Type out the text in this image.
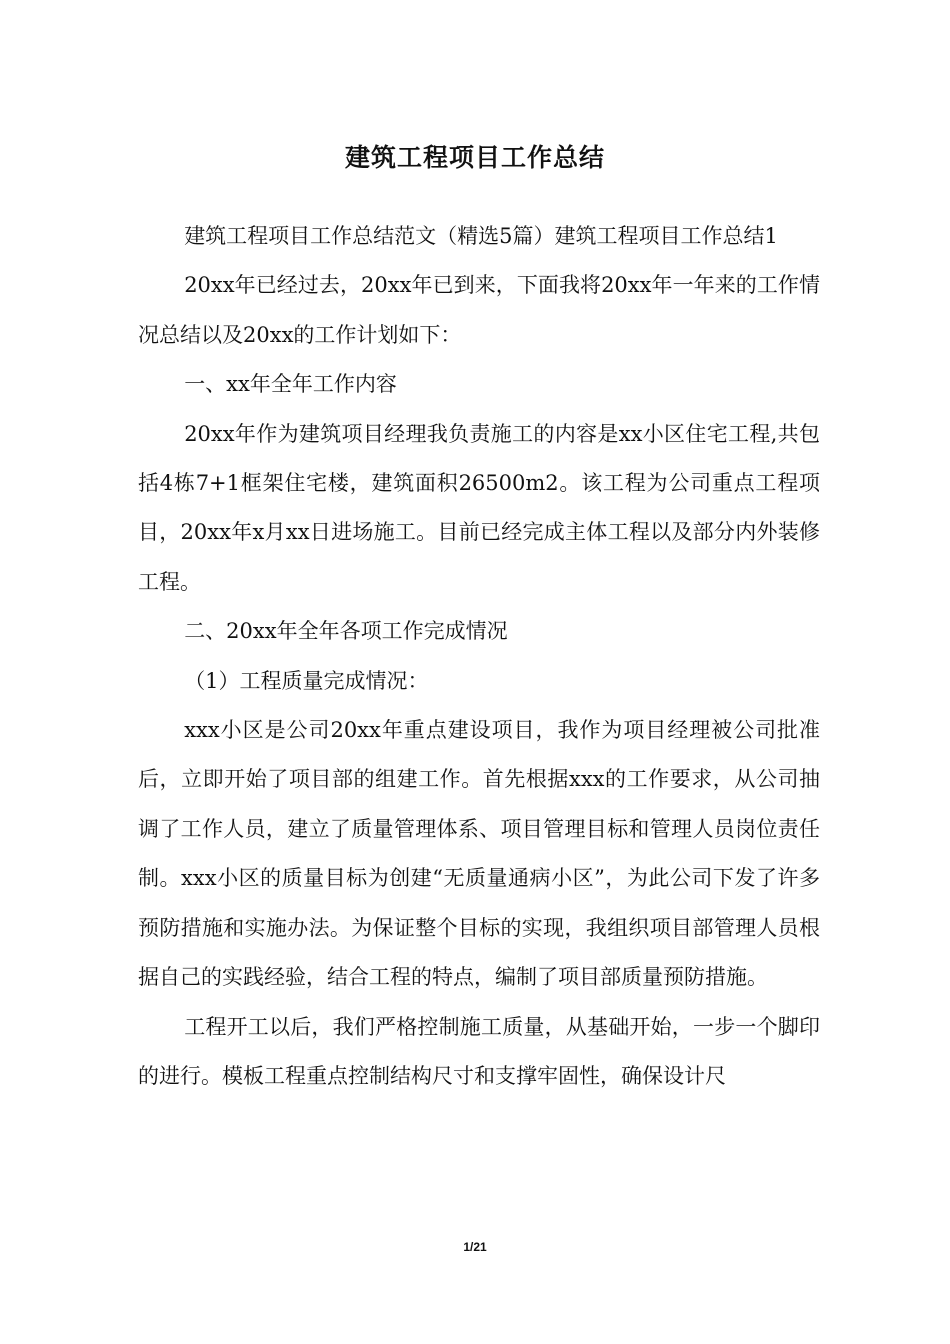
建筑工程项目工作总结

建筑工程项目工作总结范文（精选5篇）建筑工程项目工作总结1

20xx年已经过去，20xx年已到来，下面我将20xx年一年来的工作情况总结以及20xx的工作计划如下：

一、xx年全年工作内容

20xx年作为建筑项目经理我负责施工的内容是xx小区住宅工程,共包括4栋7+1框架住宅楼，建筑面积26500m2。该工程为公司重点工程项目，20xx年x月xx日进场施工。目前已经完成主体工程以及部分内外装修工程。

二、20xx年全年各项工作完成情况

（1）工程质量完成情况：

xxx小区是公司20xx年重点建设项目，我作为项目经理被公司批准后，立即开始了项目部的组建工作。首先根据xxx的工作要求，从公司抽调了工作人员，建立了质量管理体系、项目管理目标和管理人员岗位责任制。xxx小区的质量目标为创建“无质量通病小区”，为此公司下发了许多预防措施和实施办法。为保证整个目标的实现，我组织项目部管理人员根据自己的实践经验，结合工程的特点，编制了项目部质量预防措施。

工程开工以后，我们严格控制施工质量，从基础开始，一步一个脚印的进行。模板工程重点控制结构尺寸和支撑牢固性，确保设计尺

1/21
